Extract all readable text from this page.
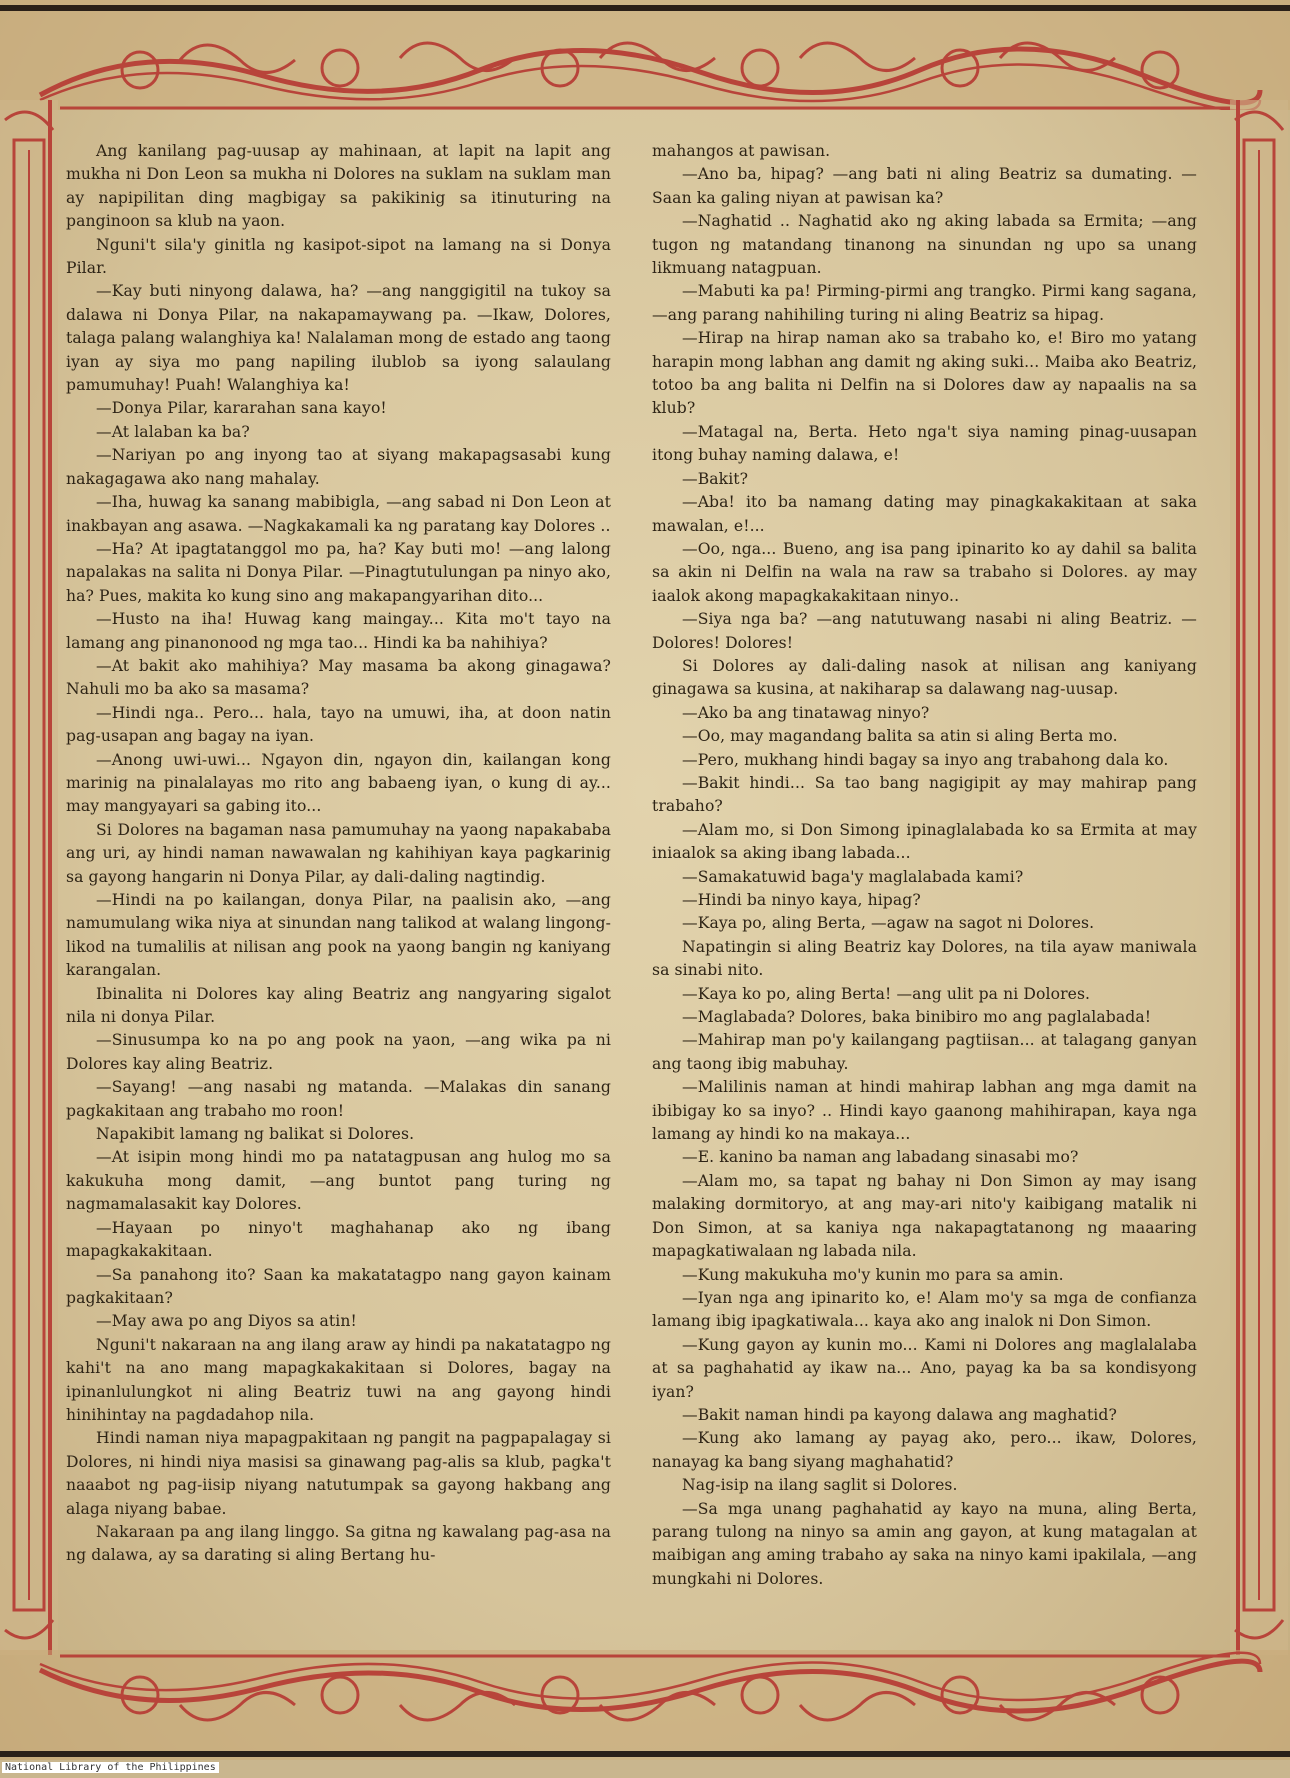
Ang kanilang pag-uusap ay mahinaan, at lapit na lapit ang mukha ni Don Leon sa mukha ni Dolores na suklam na suklam man ay napipilitan ding magbigay sa pakikinig sa itinuturing na panginoon sa klub na yaon.

Nguni't sila'y ginitla ng kasipot-sipot na lamang na si Donya Pilar.

—Kay buti ninyong dalawa, ha? —ang nanggigitil na tukoy sa dalawa ni Donya Pilar, na nakapamaywang pa. —Ikaw, Dolores, talaga palang walanghiya ka! Nalalaman mong de estado ang taong iyan ay siya mo pang napiling ilublob sa iyong salaulang pamumuhay! Puah! Walanghiya ka!

—Donya Pilar, kararahan sana kayo!

—At lalaban ka ba?

—Nariyan po ang inyong tao at siyang makapagsasabi kung nakagagawa ako nang mahalay.

—Iha, huwag ka sanang mabibigla, —ang sabad ni Don Leon at inakbayan ang asawa. —Nagkakamali ka ng paratang kay Dolores ..

—Ha? At ipagtatanggol mo pa, ha? Kay buti mo! —ang lalong napalakas na salita ni Donya Pilar. —Pinagtutulungan pa ninyo ako, ha? Pues, makita ko kung sino ang makapangyarihan dito...

—Husto na iha! Huwag kang maingay... Kita mo't tayo na lamang ang pinanonood ng mga tao... Hindi ka ba nahihiya?

—At bakit ako mahihiya? May masama ba akong ginagawa? Nahuli mo ba ako sa masama?

—Hindi nga.. Pero... hala, tayo na umuwi, iha, at doon natin pag-usapan ang bagay na iyan.

—Anong uwi-uwi... Ngayon din, ngayon din, kailangan kong marinig na pinalalayas mo rito ang babaeng iyan, o kung di ay... may mangyayari sa gabing ito...

Si Dolores na bagaman nasa pamumuhay na yaong napakababa ang uri, ay hindi naman nawawalan ng kahihiyan kaya pagkarinig sa gayong hangarin ni Donya Pilar, ay dali-daling nagtindig.

—Hindi na po kailangan, donya Pilar, na paalisin ako, —ang namumulang wika niya at sinundan nang talikod at walang lingong-likod na tumalilis at nilisan ang pook na yaong bangin ng kaniyang karangalan.

Ibinalita ni Dolores kay aling Beatriz ang nangyaring sigalot nila ni donya Pilar.

—Sinusumpa ko na po ang pook na yaon, —ang wika pa ni Dolores kay aling Beatriz.

—Sayang! —ang nasabi ng matanda. —Malakas din sanang pagkakitaan ang trabaho mo roon!

Napakibit lamang ng balikat si Dolores.

—At isipin mong hindi mo pa natatagpusan ang hulog mo sa kakukuha mong damit, —ang buntot pang turing ng nagmamalasakit kay Dolores.

—Hayaan po ninyo't maghahanap ako ng ibang mapagkakakitaan.

—Sa panahong ito? Saan ka makatatagpo nang gayon kainam pagkakitaan?

—May awa po ang Diyos sa atin!

Nguni't nakaraan na ang ilang araw ay hindi pa nakatatagpo ng kahi't na ano mang mapagkakakitaan si Dolores, bagay na ipinanlulungkot ni aling Beatriz tuwi na ang gayong hindi hinihintay na pagdadahop nila.

Hindi naman niya mapagpakitaan ng pangit na pagpapalagay si Dolores, ni hindi niya masisi sa ginawang pag-alis sa klub, pagka't naaabot ng pag-iisip niyang natutumpak sa gayong hakbang ang alaga niyang babae.

Nakaraan pa ang ilang linggo. Sa gitna ng kawalang pag-asa na ng dalawa, ay sa darating si aling Bertang hu-

mahangos at pawisan.

—Ano ba, hipag? —ang bati ni aling Beatriz sa dumating. —Saan ka galing niyan at pawisan ka?

—Naghatid .. Naghatid ako ng aking labada sa Ermita; —ang tugon ng matandang tinanong na sinundan ng upo sa unang likmuang natagpuan.

—Mabuti ka pa! Pirming-pirmi ang trangko. Pirmi kang sagana, —ang parang nahihiling turing ni aling Beatriz sa hipag.

—Hirap na hirap naman ako sa trabaho ko, e! Biro mo yatang harapin mong labhan ang damit ng aking suki... Maiba ako Beatriz, totoo ba ang balita ni Delfin na si Dolores daw ay napaalis na sa klub?

—Matagal na, Berta. Heto nga't siya naming pinag-uusapan itong buhay naming dalawa, e!

—Bakit?

—Aba! ito ba namang dating may pinagkakakitaan at saka mawalan, e!...

—Oo, nga... Bueno, ang isa pang ipinarito ko ay dahil sa balita sa akin ni Delfin na wala na raw sa trabaho si Dolores. ay may iaalok akong mapagkakakitaan ninyo..

—Siya nga ba? —ang natutuwang nasabi ni aling Beatriz. —Dolores! Dolores!

Si Dolores ay dali-daling nasok at nilisan ang kaniyang ginagawa sa kusina, at nakiharap sa dalawang nag-uusap.

—Ako ba ang tinatawag ninyo?

—Oo, may magandang balita sa atin si aling Berta mo.

—Pero, mukhang hindi bagay sa inyo ang trabahong dala ko.

—Bakit hindi... Sa tao bang nagigipit ay may mahirap pang trabaho?

—Alam mo, si Don Simong ipinaglalabada ko sa Ermita at may iniaalok sa aking ibang labada...

—Samakatuwid baga'y maglalabada kami?

—Hindi ba ninyo kaya, hipag?

—Kaya po, aling Berta, —agaw na sagot ni Dolores.

Napatingin si aling Beatriz kay Dolores, na tila ayaw maniwala sa sinabi nito.

—Kaya ko po, aling Berta! —ang ulit pa ni Dolores.

—Maglabada? Dolores, baka binibiro mo ang paglalabada!

—Mahirap man po'y kailangang pagtiisan... at talagang ganyan ang taong ibig mabuhay.

—Malilinis naman at hindi mahirap labhan ang mga damit na ibibigay ko sa inyo? .. Hindi kayo gaanong mahihirapan, kaya nga lamang ay hindi ko na makaya...

—E. kanino ba naman ang labadang sinasabi mo?

—Alam mo, sa tapat ng bahay ni Don Simon ay may isang malaking dormitoryo, at ang may-ari nito'y kaibigang matalik ni Don Simon, at sa kaniya nga nakapagtatanong ng maaaring mapagkatiwalaan ng labada nila.

—Kung makukuha mo'y kunin mo para sa amin.

—Iyan nga ang ipinarito ko, e! Alam mo'y sa mga de confianza lamang ibig ipagkatiwala... kaya ako ang inalok ni Don Simon.

—Kung gayon ay kunin mo... Kami ni Dolores ang maglalalaba at sa paghahatid ay ikaw na... Ano, payag ka ba sa kondisyong iyan?

—Bakit naman hindi pa kayong dalawa ang maghatid?

—Kung ako lamang ay payag ako, pero... ikaw, Dolores, nanayag ka bang siyang maghahatid?

Nag-isip na ilang saglit si Dolores.

—Sa mga unang paghahatid ay kayo na muna, aling Berta, parang tulong na ninyo sa amin ang gayon, at kung matagalan at maibigan ang aming trabaho ay saka na ninyo kami ipakilala, —ang mungkahi ni Dolores.

National Library of the Philippines
